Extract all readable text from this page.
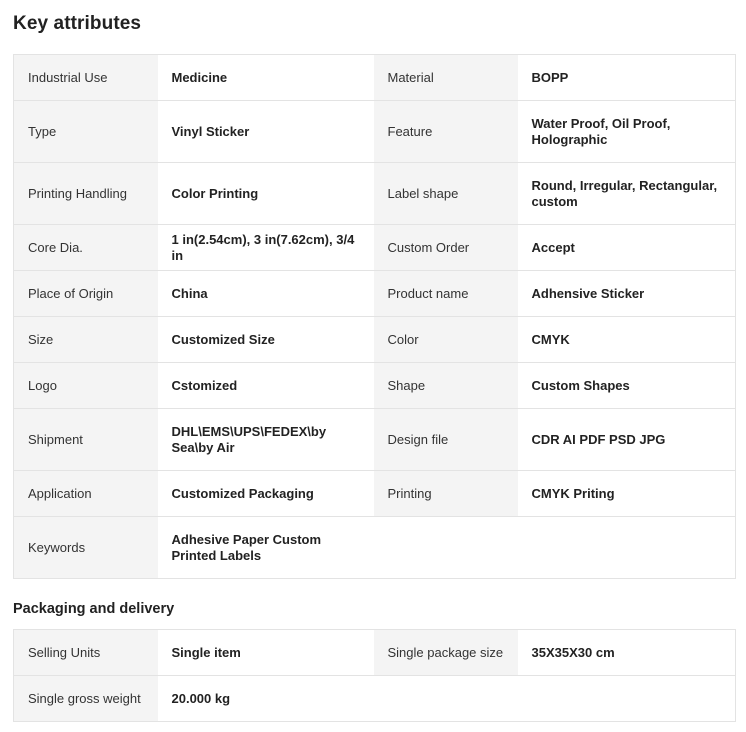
Key attributes
Industrial Use	Medicine	Material	BOPP
Type	Vinyl Sticker	Feature	Water Proof, Oil Proof, Holographic
Printing Handling	Color Printing	Label shape	Round, Irregular, Rectangular, custom
Core Dia.	1 in(2.54cm), 3 in(7.62cm), 3/4 in	Custom Order	Accept
Place of Origin	China	Product name	Adhensive Sticker
Size	Customized Size	Color	CMYK
Logo	Cstomized	Shape	Custom Shapes
Shipment	DHL\EMS\UPS\FEDEX\by Sea\by Air	Design file	CDR AI PDF PSD JPG
Application	Customized Packaging	Printing	CMYK Priting
Keywords	Adhesive Paper Custom Printed Labels		
Packaging and delivery
Selling Units	Single item	Single package size	35X35X30 cm
Single gross weight	20.000 kg		
